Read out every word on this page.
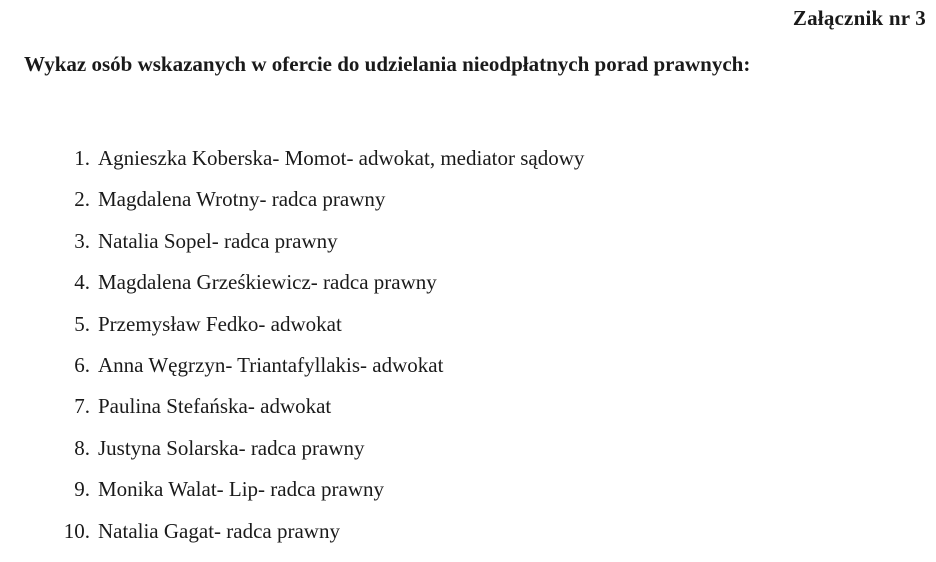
Załącznik nr 3
Wykaz osób wskazanych w ofercie do udzielania nieodpłatnych porad prawnych:
1. Agnieszka Koberska- Momot- adwokat, mediator sądowy
2. Magdalena Wrotny- radca prawny
3. Natalia Sopel- radca prawny
4. Magdalena Grześkiewicz- radca prawny
5. Przemysław Fedko- adwokat
6. Anna Węgrzyn- Triantafyllakis- adwokat
7. Paulina Stefańska- adwokat
8. Justyna Solarska- radca prawny
9. Monika Walat- Lip- radca prawny
10. Natalia Gagat- radca prawny
